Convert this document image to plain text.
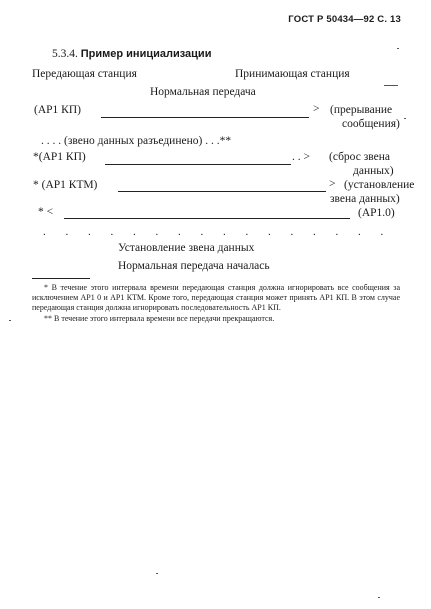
ГОСТ Р 50434—92 С. 13
5.3.4. Пример инициализации
Передающая станция	Принимающая станция
Нормальная передача
(АР1 КП)	> (прерывание
сообщения)
. . . . (звено данных разъединено) . . .**
*(АР1 КП)	. . > (сброс звена
данных)
* (АР1 КТМ)	> (установление
звена данных)
* <	(АР1.0)
. . . . . . . . . . . . . . . .
Установление звена данных
Нормальная передача началась

* В течение этого интервала времени передающая станция должна игнорировать все сообщения за исключением АР1 0 и АР1 КТМ. Кроме того, передающая станция может принять АР1 КП. В этом случае передающая станция должна игнорировать последовательность АР1 КП.

** В течение этого интервала времени все передачи прекращаются.
